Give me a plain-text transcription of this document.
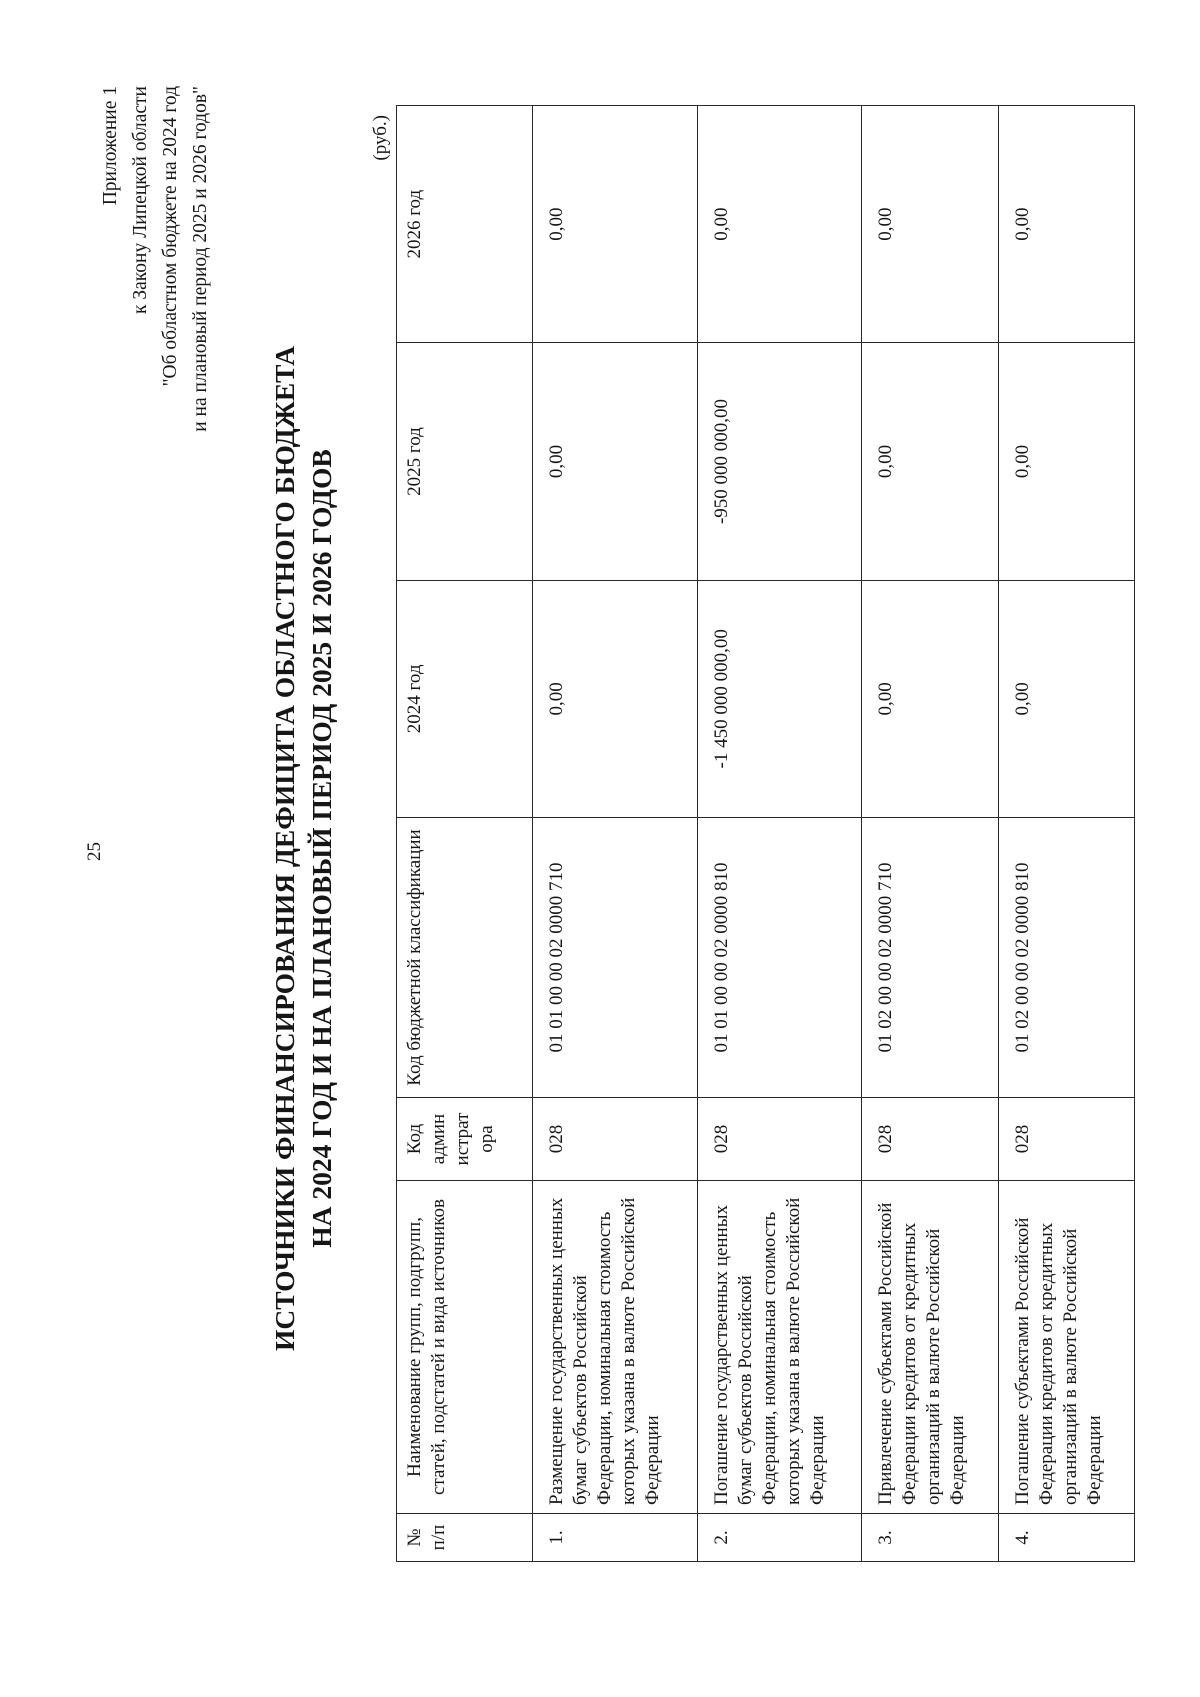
25
Приложение 1 к Закону Липецкой области "Об областном бюджете на 2024 год и на плановый период 2025 и 2026 годов"
ИСТОЧНИКИ ФИНАНСИРОВАНИЯ ДЕФИЦИТА ОБЛАСТНОГО БЮДЖЕТА НА 2024 ГОД И НА ПЛАНОВЫЙ ПЕРИОД 2025 И 2026 ГОДОВ
(руб.)
№ п/п	Наименование групп, подгрупп, статей, подстатей и вида источников	Код админ истрат ора	Код бюджетной классификации	2024 год	2025 год	2026 год
1.	Размещение государственных ценных бумаг субъектов Российской Федерации, номинальная стоимость которых указана в валюте Российской Федерации	028	01 01 00 00 02 0000 710	0,00	0,00	0,00
2.	Погашение государственных ценных бумаг субъектов Российской Федерации, номинальная стоимость которых указана в валюте Российской Федерации	028	01 01 00 00 02 0000 810	-1 450 000 000,00	-950 000 000,00	0,00
3.	Привлечение субъектами Российской Федерации кредитов от кредитных организаций в валюте Российской Федерации	028	01 02 00 00 02 0000 710	0,00	0,00	0,00
4.	Погашение субъектами Российской Федерации кредитов от кредитных организаций в валюте Российской Федерации	028	01 02 00 00 02 0000 810	0,00	0,00	0,00
